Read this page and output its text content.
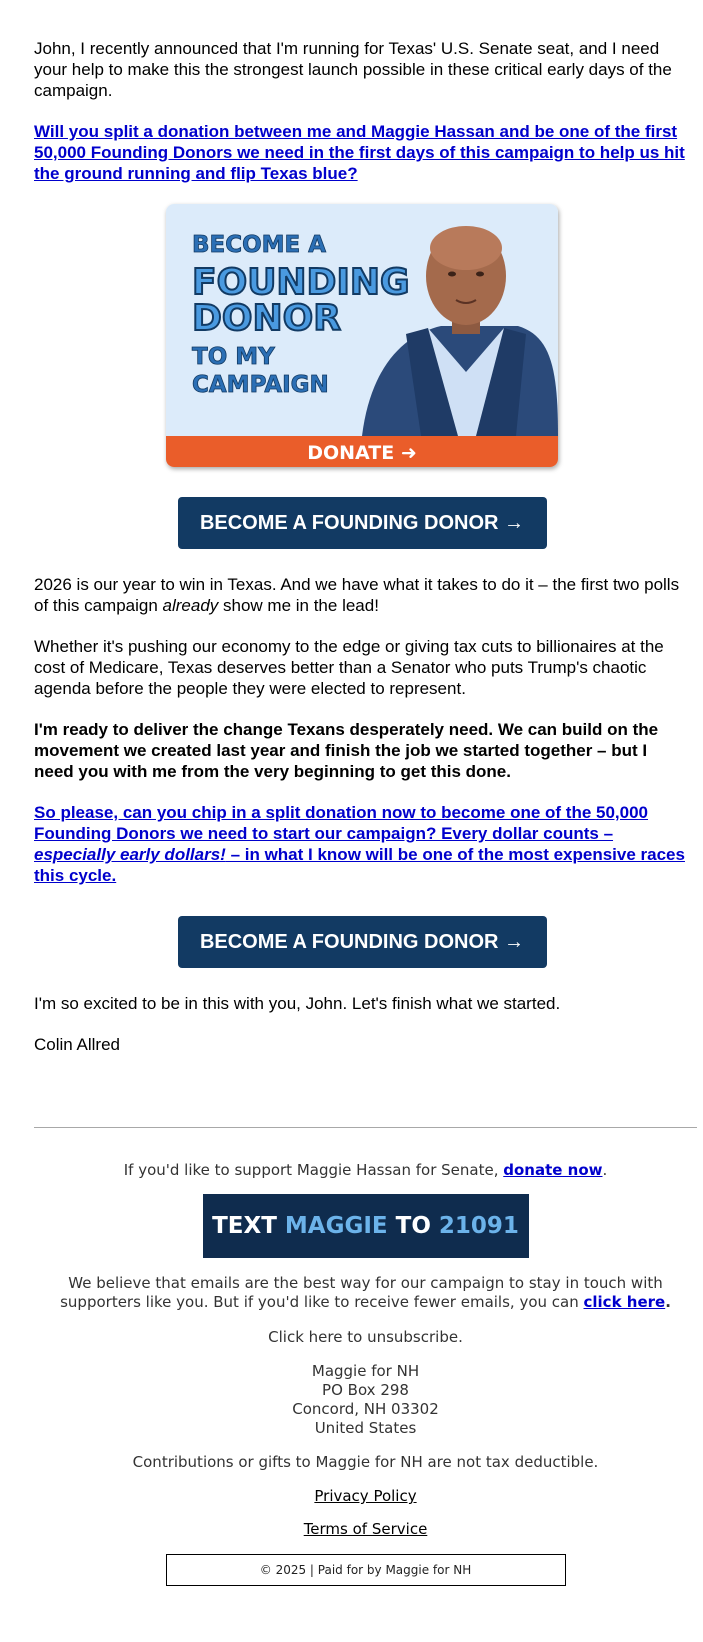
John, I recently announced that I'm running for Texas' U.S. Senate seat, and I need your help to make this the strongest launch possible in these critical early days of the campaign.

Will you split a donation between me and Maggie Hassan and be one of the first 50,000 Founding Donors we need in the first days of this campaign to help us hit the ground running and flip Texas blue?

BECOME A
FOUNDING
DONOR
TO MY
CAMPAIGN
DONATE ➜
BECOME A FOUNDING DONOR →

2026 is our year to win in Texas. And we have what it takes to do it – the first two polls of this campaign already show me in the lead!

Whether it's pushing our economy to the edge or giving tax cuts to billionaires at the cost of Medicare, Texas deserves better than a Senator who puts Trump's chaotic agenda before the people they were elected to represent.

I'm ready to deliver the change Texans desperately need. We can build on the movement we created last year and finish the job we started together – but I need you with me from the very beginning to get this done.

So please, can you chip in a split donation now to become one of the 50,000 Founding Donors we need to start our campaign? Every dollar counts – especially early dollars! – in what I know will be one of the most expensive races this cycle.

BECOME A FOUNDING DONOR →

I'm so excited to be in this with you, John. Let's finish what we started.

Colin Allred

If you'd like to support Maggie Hassan for Senate, donate now.
TEXT MAGGIE TO 21091
We believe that emails are the best way for our campaign to stay in touch with supporters like you. But if you'd like to receive fewer emails, you can click here.
Click here to unsubscribe.
Maggie for NH
PO Box 298
Concord, NH 03302
United States
Contributions or gifts to Maggie for NH are not tax deductible.
Privacy Policy
Terms of Service
© 2025 | Paid for by Maggie for NH
